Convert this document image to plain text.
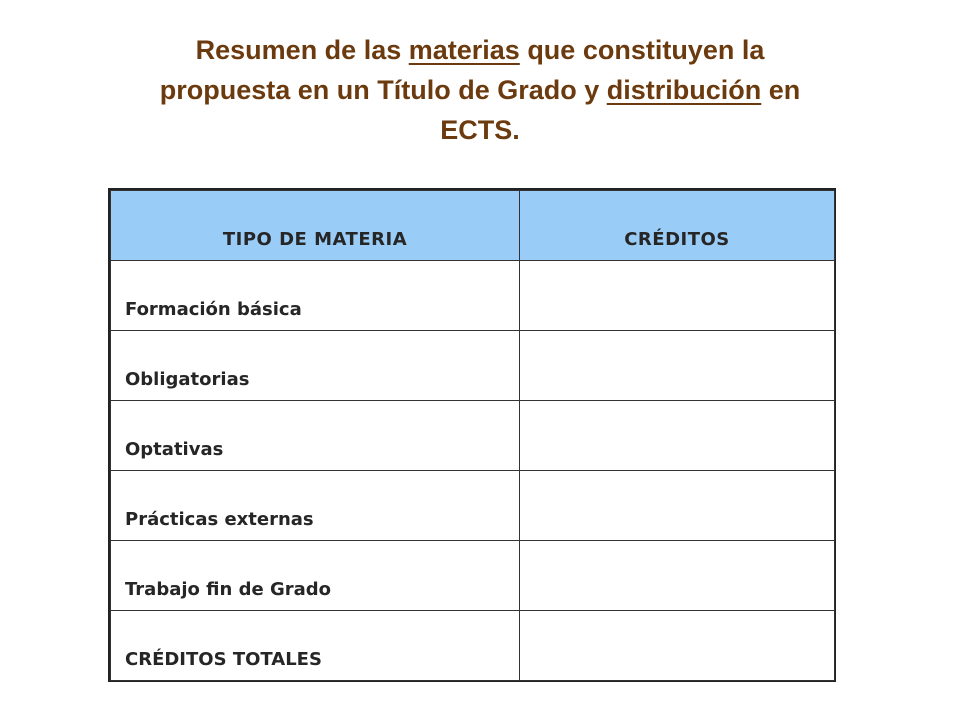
Resumen de las materias que constituyen la
propuesta en un Título de Grado y distribución en
ECTS.
TIPO DE MATERIA	CRÉDITOS
Formación básica	
Obligatorias	
Optativas	
Prácticas externas	
Trabajo fin de Grado	
CRÉDITOS TOTALES	
